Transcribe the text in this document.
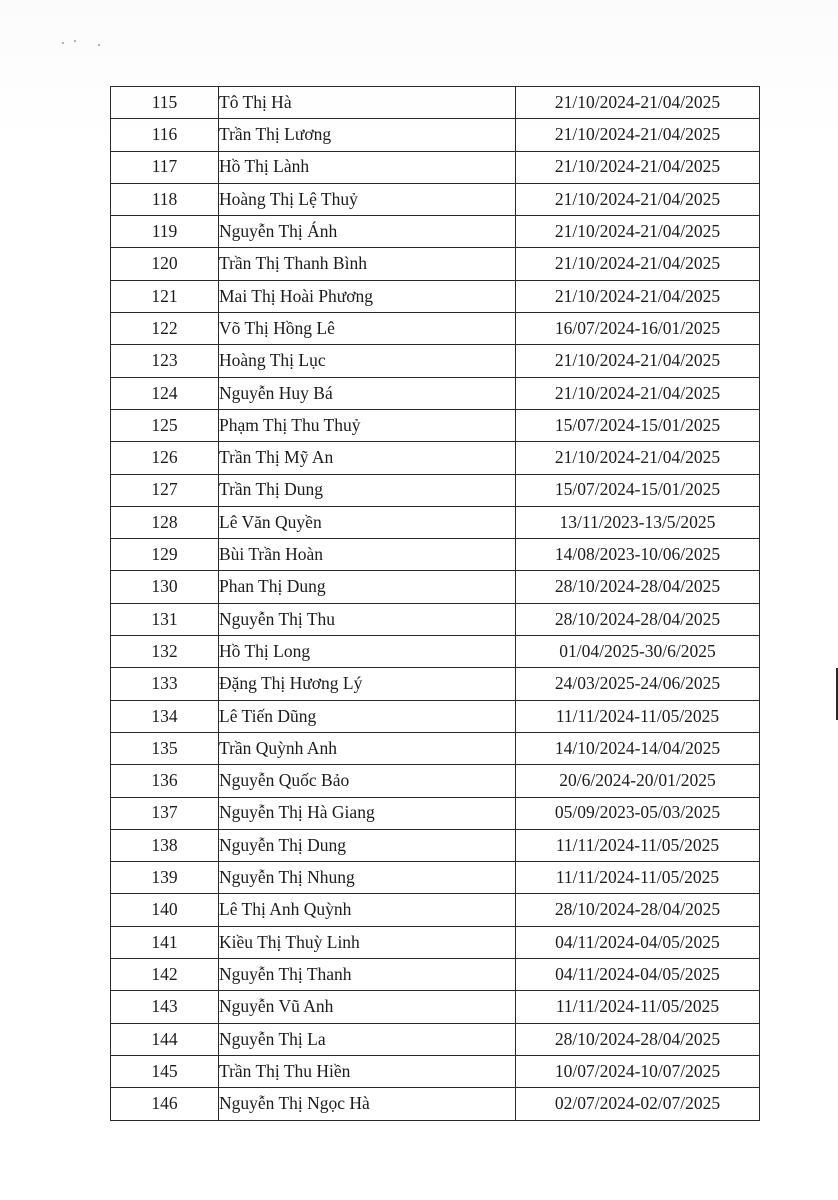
115	Tô Thị Hà	21/10/2024-21/04/2025
116	Trần Thị Lương	21/10/2024-21/04/2025
117	Hồ Thị Lành	21/10/2024-21/04/2025
118	Hoàng Thị Lệ Thuỷ	21/10/2024-21/04/2025
119	Nguyễn Thị Ánh	21/10/2024-21/04/2025
120	Trần Thị Thanh Bình	21/10/2024-21/04/2025
121	Mai Thị Hoài Phương	21/10/2024-21/04/2025
122	Võ Thị Hồng Lê	16/07/2024-16/01/2025
123	Hoàng Thị Lục	21/10/2024-21/04/2025
124	Nguyễn Huy Bá	21/10/2024-21/04/2025
125	Phạm Thị Thu Thuỷ	15/07/2024-15/01/2025
126	Trần Thị Mỹ An	21/10/2024-21/04/2025
127	Trần Thị Dung	15/07/2024-15/01/2025
128	Lê Văn Quyền	13/11/2023-13/5/2025
129	Bùi Trần Hoàn	14/08/2023-10/06/2025
130	Phan Thị Dung	28/10/2024-28/04/2025
131	Nguyễn Thị Thu	28/10/2024-28/04/2025
132	Hồ Thị Long	01/04/2025-30/6/2025
133	Đặng Thị Hương Lý	24/03/2025-24/06/2025
134	Lê Tiến Dũng	11/11/2024-11/05/2025
135	Trần Quỳnh Anh	14/10/2024-14/04/2025
136	Nguyễn Quốc Bảo	20/6/2024-20/01/2025
137	Nguyễn Thị Hà Giang	05/09/2023-05/03/2025
138	Nguyễn Thị Dung	11/11/2024-11/05/2025
139	Nguyễn Thị Nhung	11/11/2024-11/05/2025
140	Lê Thị Anh Quỳnh	28/10/2024-28/04/2025
141	Kiều Thị Thuỳ Linh	04/11/2024-04/05/2025
142	Nguyễn Thị Thanh	04/11/2024-04/05/2025
143	Nguyễn Vũ Anh	11/11/2024-11/05/2025
144	Nguyễn Thị La	28/10/2024-28/04/2025
145	Trần Thị Thu Hiền	10/07/2024-10/07/2025
146	Nguyễn Thị Ngọc Hà	02/07/2024-02/07/2025
